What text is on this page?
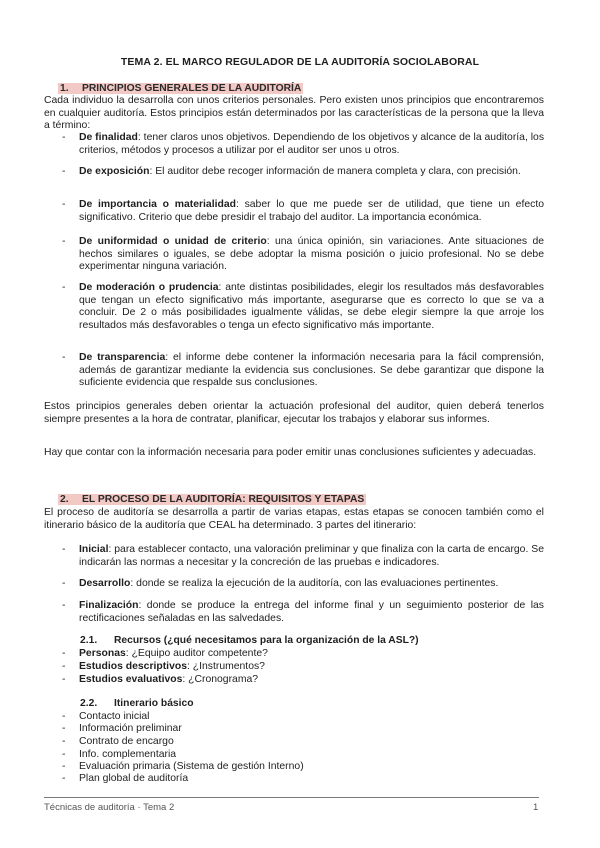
TEMA 2. EL MARCO REGULADOR DE LA AUDITORÍA SOCIOLABORAL
1. PRINCIPIOS GENERALES DE LA AUDITORÍA

Cada individuo la desarrolla con unos criterios personales. Pero existen unos principios que encontraremos en cualquier auditoría. Estos principios están determinados por las características de la persona que la lleva a término:

-	De finalidad: tener claros unos objetivos. Dependiendo de los objetivos y alcance de la auditoría, los criterios, métodos y procesos a utilizar por el auditor ser unos u otros.
-	De exposición: El auditor debe recoger información de manera completa y clara, con precisión.
-	De importancia o materialidad: saber lo que me puede ser de utilidad, que tiene un efecto significativo. Criterio que debe presidir el trabajo del auditor. La importancia económica.
-	De uniformidad o unidad de criterio: una única opinión, sin variaciones. Ante situaciones de hechos similares o iguales, se debe adoptar la misma posición o juicio profesional. No se debe experimentar ninguna variación.
-	De moderación o prudencia: ante distintas posibilidades, elegir los resultados más desfavorables que tengan un efecto significativo más importante, asegurarse que es correcto lo que se va a concluir. De 2 o más posibilidades igualmente válidas, se debe elegir siempre la que arroje los resultados más desfavorables o tenga un efecto significativo más importante.
-	De transparencia: el informe debe contener la información necesaria para la fácil comprensión, además de garantizar mediante la evidencia sus conclusiones. Se debe garantizar que dispone la suficiente evidencia que respalde sus conclusiones.

Estos principios generales deben orientar la actuación profesional del auditor, quien deberá tenerlos siempre presentes a la hora de contratar, planificar, ejecutar los trabajos y elaborar sus informes.

Hay que contar con la información necesaria para poder emitir unas conclusiones suficientes y adecuadas.

2. EL PROCESO DE LA AUDITORÍA: REQUISITOS Y ETAPAS

El proceso de auditoría se desarrolla a partir de varias etapas, estas etapas se conocen también como el itinerario básico de la auditoría que CEAL ha determinado. 3 partes del itinerario:

-	Inicial: para establecer contacto, una valoración preliminar y que finaliza con la carta de encargo. Se indicarán las normas a necesitar y la concreción de las pruebas e indicadores.
-	Desarrollo: donde se realiza la ejecución de la auditoría, con las evaluaciones pertinentes.
-	Finalización: donde se produce la entrega del informe final y un seguimiento posterior de las rectificaciones señaladas en las salvedades.
2.1. Recursos (¿qué necesitamos para la organización de la ASL?)
- Personas: ¿Equipo auditor competente?
- Estudios descriptivos: ¿Instrumentos?
- Estudios evaluativos: ¿Cronograma?
2.2. Itinerario básico
- Contacto inicial
- Información preliminar
- Contrato de encargo
- Info. complementaria
- Evaluación primaria (Sistema de gestión Interno)
- Plan global de auditoría
Técnicas de auditoría · Tema 2	1
